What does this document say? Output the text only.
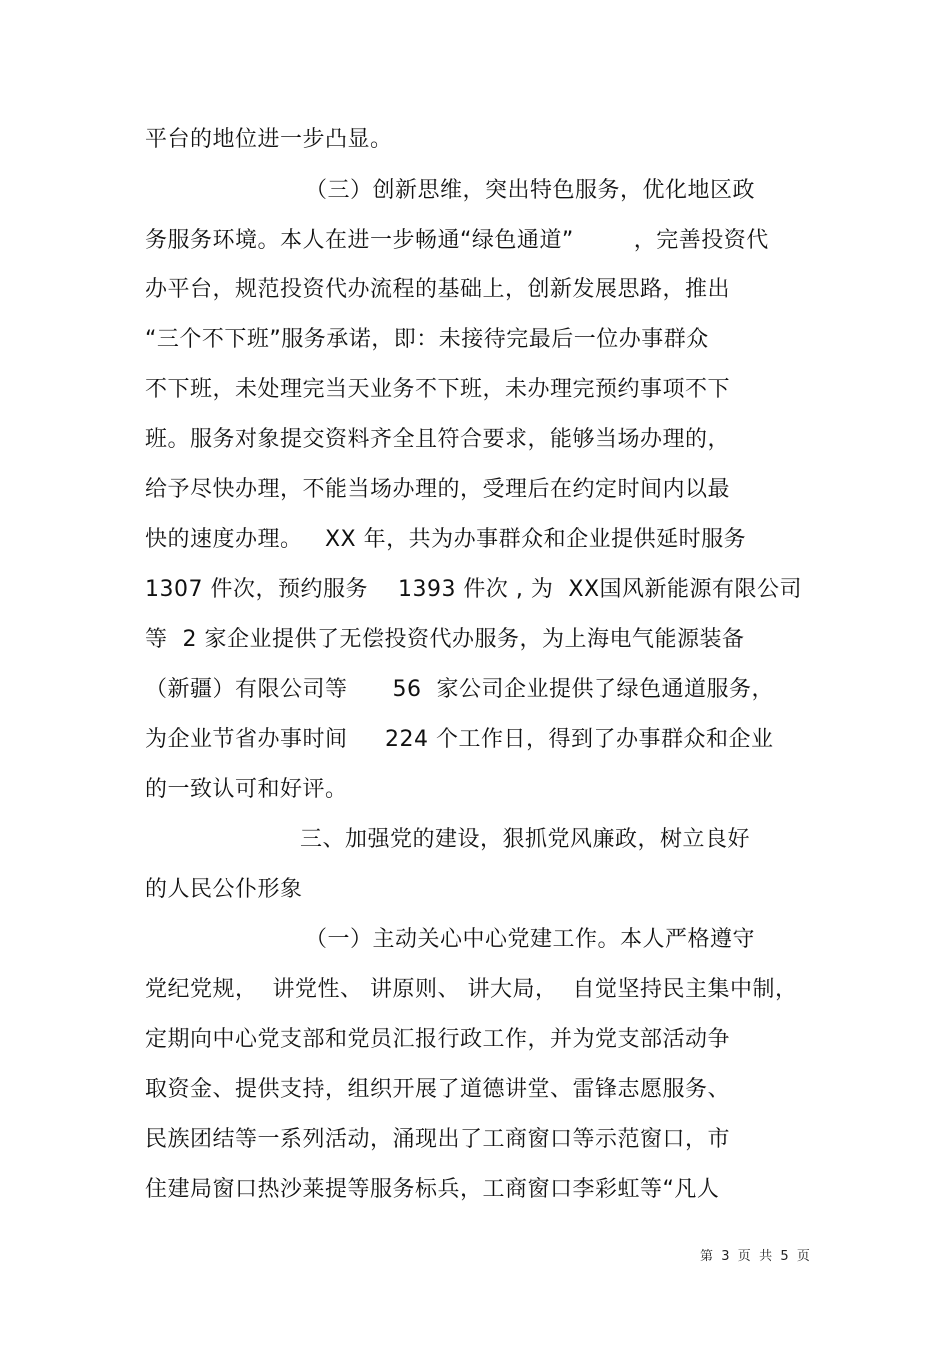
平台的地位进一步凸显。
（三）创新思维，突出特色服务，优化地区政
务服务环境。本人在进一步畅通“绿色通道”        ，完善投资代
办平台，规范投资代办流程的基础上，创新发展思路，推出
“三个不下班”服务承诺，即：未接待完最后一位办事群众
不下班，未处理完当天业务不下班，未办理完预约事项不下
班。服务对象提交资料齐全且符合要求，能够当场办理的，
给予尽快办理，不能当场办理的，受理后在约定时间内以最
快的速度办理。   XX 年，共为办事群众和企业提供延时服务
1307 件次，预约服务    1393 件次 , 为  XX国风新能源有限公司
等  2 家企业提供了无偿投资代办服务，为上海电气能源装备
（新疆）有限公司等      56  家公司企业提供了绿色通道服务，
为企业节省办事时间     224 个工作日，得到了办事群众和企业
的一致认可和好评。
三、加强党的建设，狠抓党风廉政，树立良好
的人民公仆形象
（一）主动关心中心党建工作。本人严格遵守
党纪党规，  讲党性、 讲原则、 讲大局，  自觉坚持民主集中制，
定期向中心党支部和党员汇报行政工作，并为党支部活动争
取资金、提供支持，组织开展了道德讲堂、雷锋志愿服务、
民族团结等一系列活动，涌现出了工商窗口等示范窗口，市
住建局窗口热沙莱提等服务标兵，工商窗口李彩虹等“凡人
第  3  页  共  5  页
